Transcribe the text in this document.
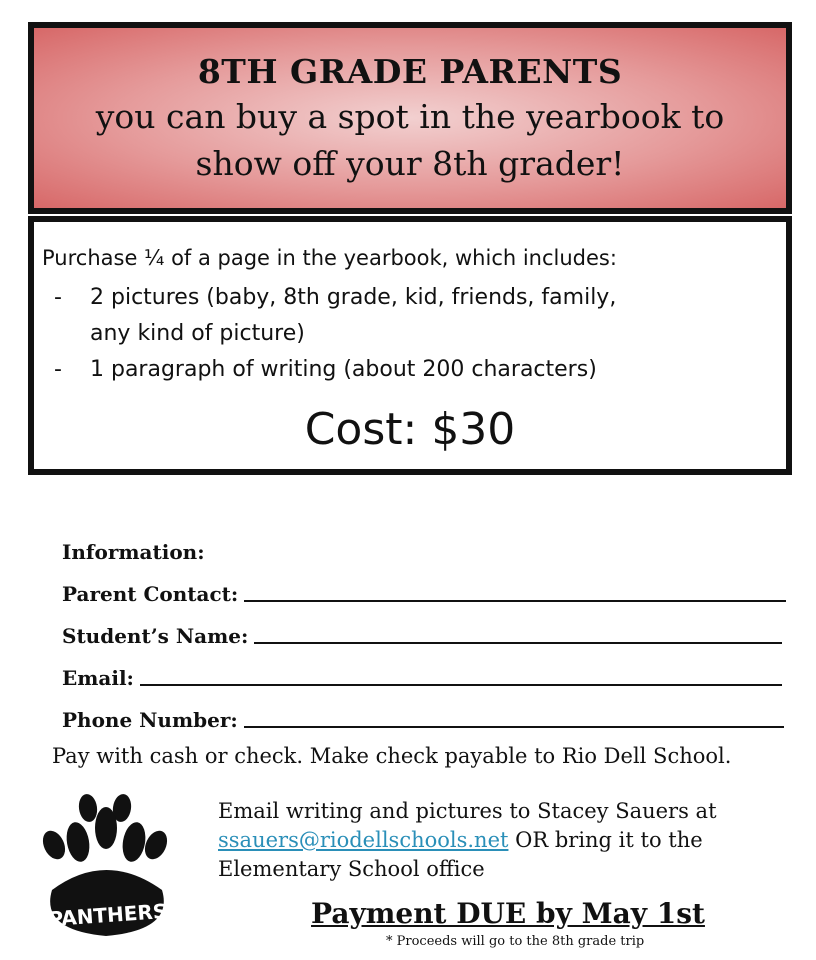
8TH GRADE PARENTS
you can buy a spot in the yearbook to
show off your 8th grader!
Purchase ¼ of a page in the yearbook, which includes:
- 2 pictures (baby, 8th grade, kid, friends, family,
any kind of picture)
- 1 paragraph of writing (about 200 characters)
Cost: $30
Information:
Parent Contact:
Student’s Name:
Email:
Phone Number:
Pay with cash or check. Make check payable to Rio Dell School.
PANTHERS
Email writing and pictures to Stacey Sauers at
ssauers@riodellschools.net OR bring it to the
Elementary School office
Payment DUE by May 1st
* Proceeds will go to the 8th grade trip
